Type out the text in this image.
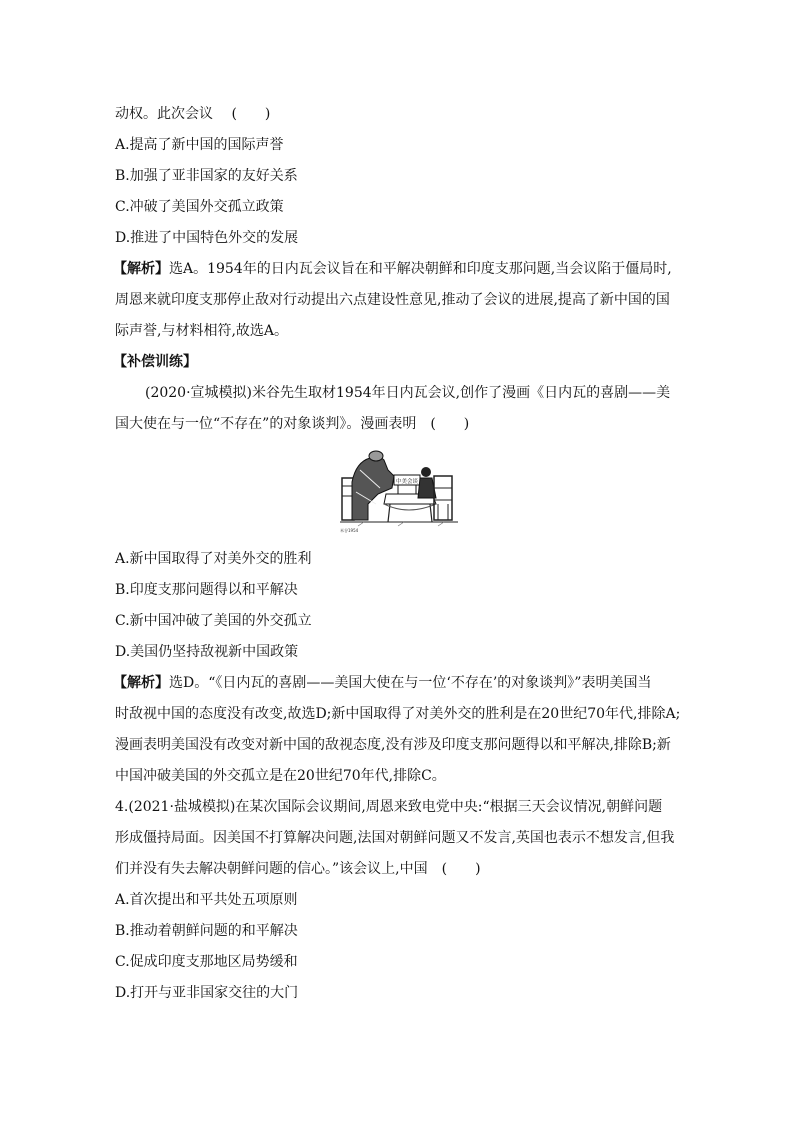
动权。此次会议 　(　　)
A.提高了新中国的国际声誉
B.加强了亚非国家的友好关系
C.冲破了美国外交孤立政策
D.推进了中国特色外交的发展
【解析】选A。1954年的日内瓦会议旨在和平解决朝鲜和印度支那问题,当会议陷于僵局时,
周恩来就印度支那停止敌对行动提出六点建设性意见,推动了会议的进展,提高了新中国的国
际声誉,与材料相符,故选A。
【补偿训练】
(2020·宣城模拟)米谷先生取材1954年日内瓦会议,创作了漫画《日内瓦的喜剧——美
国大使在与一位“不存在”的对象谈判》。漫画表明　(　　)
中美会谈
米谷1954
A.新中国取得了对美外交的胜利
B.印度支那问题得以和平解决
C.新中国冲破了美国的外交孤立
D.美国仍坚持敌视新中国政策
【解析】选D。“《日内瓦的喜剧——美国大使在与一位‘不存在’的对象谈判》”表明美国当
时敌视中国的态度没有改变,故选D;新中国取得了对美外交的胜利是在20世纪70年代,排除A;
漫画表明美国没有改变对新中国的敌视态度,没有涉及印度支那问题得以和平解决,排除B;新
中国冲破美国的外交孤立是在20世纪70年代,排除C。
4.(2021·盐城模拟)在某次国际会议期间,周恩来致电党中央:“根据三天会议情况,朝鲜问题
形成僵持局面。因美国不打算解决问题,法国对朝鲜问题又不发言,英国也表示不想发言,但我
们并没有失去解决朝鲜问题的信心。”该会议上,中国　(　　)
A.首次提出和平共处五项原则
B.推动着朝鲜问题的和平解决
C.促成印度支那地区局势缓和
D.打开与亚非国家交往的大门
